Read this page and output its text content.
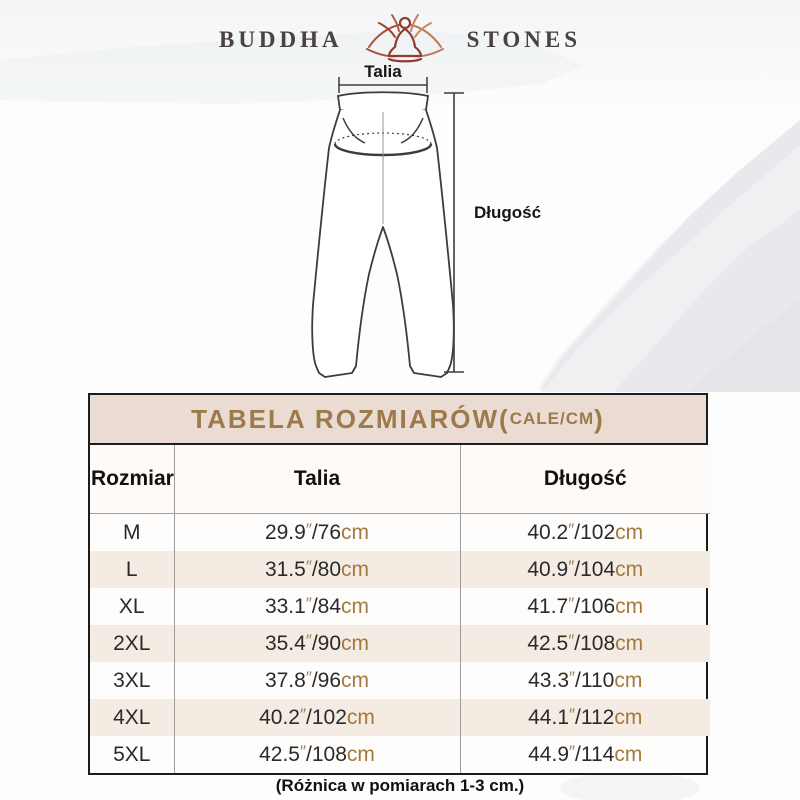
BUDDHA	STONES
Talia
Długość
TABELA ROZMIARÓW ( CALE/CM )
Rozmiar	Talia	Długość
M	29.9″/76cm	40.2″/102cm
L	31.5″/80cm	40.9″/104cm
XL	33.1″/84cm	41.7″/106cm
2XL	35.4″/90cm	42.5″/108cm
3XL	37.8″/96cm	43.3″/110cm
4XL	40.2″/102cm	44.1″/112cm
5XL	42.5″/108cm	44.9″/114cm
(Różnica w pomiarach 1-3 cm.)
